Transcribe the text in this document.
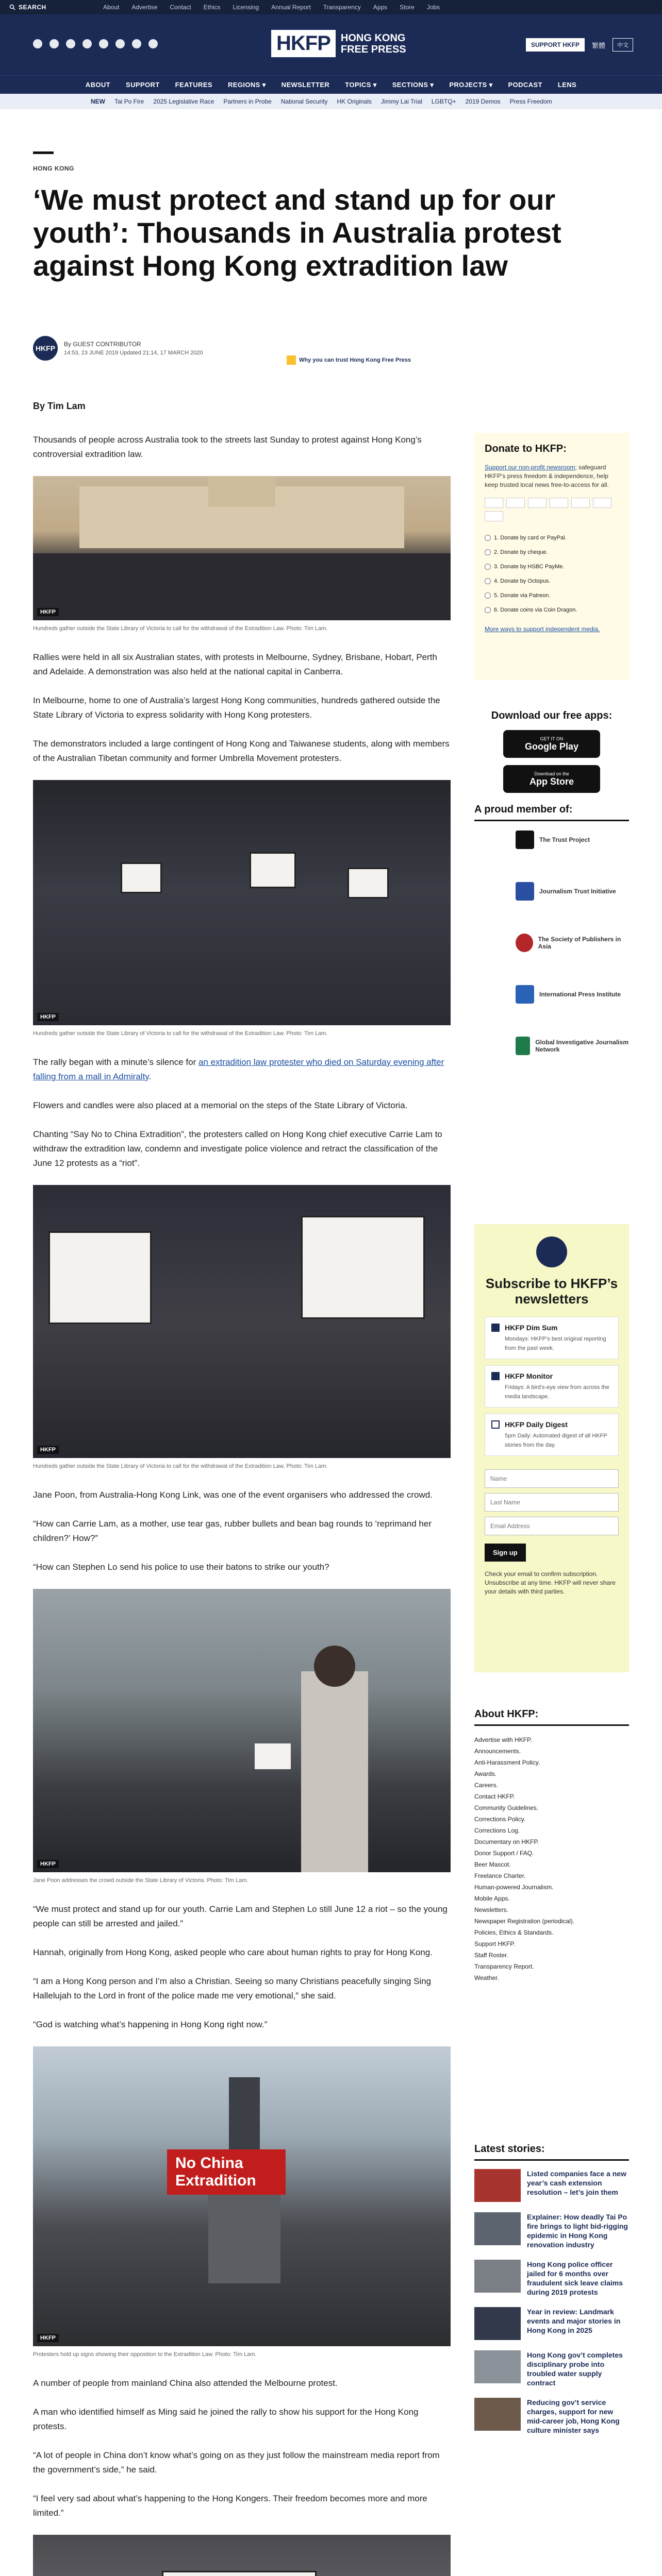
SEARCH	About Advertise Contact Ethics Licensing Annual Report Transparency Apps Store Jobs
HKFP	HONG KONG
FREE PRESS	SUPPORT HKFP	繁體	中文
ABOUT SUPPORT FEATURES REGIONS ▾ NEWSLETTER TOPICS ▾ SECTIONS ▾ PROJECTS ▾ PODCAST LENS
NEW Tai Po Fire 2025 Legislative Race Partners in Probe National Security HK Originals Jimmy Lai Trial LGBTQ+ 2019 Demos Press Freedom
HONG KONG
‘We must protect and stand up for our youth’: Thousands in Australia protest against Hong Kong extradition law
HKFP	By GUEST CONTRIBUTOR
14:53, 23 JUNE 2019 Updated 21:14, 17 MARCH 2020
Why you can trust Hong Kong Free Press
By Tim Lam

Thousands of people across Australia took to the streets last Sunday to protest against Hong Kong’s controversial extradition law.

HKFP
Hundreds gather outside the State Library of Victoria to call for the withdrawal of the Extradition Law. Photo: Tim Lam.

Rallies were held in all six Australian states, with protests in Melbourne, Sydney, Brisbane, Hobart, Perth and Adelaide. A demonstration was also held at the national capital in Canberra.

In Melbourne, home to one of Australia’s largest Hong Kong communities, hundreds gathered outside the State Library of Victoria to express solidarity with Hong Kong protesters.

The demonstrators included a large contingent of Hong Kong and Taiwanese students, along with members of the Australian Tibetan community and former Umbrella Movement protesters.

HKFP
Hundreds gather outside the State Library of Victoria to call for the withdrawal of the Extradition Law. Photo: Tim Lam.

The rally began with a minute’s silence for an extradition law protester who died on Saturday evening after falling from a mall in Admiralty.

Flowers and candles were also placed at a memorial on the steps of the State Library of Victoria.

Chanting “Say No to China Extradition”, the protesters called on Hong Kong chief executive Carrie Lam to withdraw the extradition law, condemn and investigate police violence and retract the classification of the June 12 protests as a “riot”.

HKFP
Hundreds gather outside the State Library of Victoria to call for the withdrawal of the Extradition Law. Photo: Tim Lam.

Jane Poon, from Australia-Hong Kong Link, was one of the event organisers who addressed the crowd.

“How can Carrie Lam, as a mother, use tear gas, rubber bullets and bean bag rounds to ‘reprimand her children?’ How?”

“How can Stephen Lo send his police to use their batons to strike our youth?

HKFP
Jane Poon addresses the crowd outside the State Library of Victoria. Photo: Tim Lam.

“We must protect and stand up for our youth. Carrie Lam and Stephen Lo still June 12 a riot – so the young people can still be arrested and jailed.”

Hannah, originally from Hong Kong, asked people who care about human rights to pray for Hong Kong.

“I am a Hong Kong person and I’m also a Christian. Seeing so many Christians peacefully singing Sing Hallelujah to the Lord in front of the police made me very emotional,” she said.

“God is watching what’s happening in Hong Kong right now.”

No China Extradition
HKFP
Protesters hold up signs showing their opposition to the Extradition Law. Photo: Tim Lam.

A number of people from mainland China also attended the Melbourne protest.

A man who identified himself as Ming said he joined the rally to show his support for the Hong Kong protests.

“A lot of people in China don’t know what’s going on as they just follow the mainstream media report from the government’s side,” he said.

“I feel very sad about what’s happening to the Hong Kongers. Their freedom becomes more and more limited.”

Donate to HKFP:
Support our non-profit newsroom; safeguard HKFP’s press freedom & independence, help keep trusted local news free-to-access for all.
1. Donate by card or PayPal.
2. Donate by cheque.
3. Donate by HSBC PayMe.
4. Donate by Octopus.
5. Donate via Patreon.
6. Donate coins via Coin Dragon.
More ways to support independent media.
Download our free apps:
GET IT ON
Google Play
Download on the
App Store
A proud member of:
The Trust Project
Journalism Trust Initiative
The Society of Publishers in Asia
International Press Institute
Global Investigative Journalism Network
Subscribe to HKFP’s newsletters
HKFP Dim Sum
Mondays: HKFP’s best original reporting from the past week.
HKFP Monitor
Fridays: A bird’s-eye view from across the media landscape.
HKFP Daily Digest
5pm Daily: Automated digest of all HKFP stories from the day.
Name Last Name Email Address Sign up
Check your email to confirm subscription. Unsubscribe at any time. HKFP will never share your details with third parties.
About HKFP:
Advertise with HKFP.
Announcements.
Anti-Harassment Policy.
Awards.
Careers.
Contact HKFP.
Community Guidelines.
Corrections Policy.
Corrections Log.
Documentary on HKFP.
Donor Support / FAQ.
Beer Mascot.
Freelance Charter.
Human-powered Journalism.
Mobile Apps.
Newsletters.
Newspaper Registration (periodical).
Policies, Ethics & Standards.
Support HKFP.
Staff Roster.
Transparency Report.
Weather.
Latest stories:
Listed companies face a new year’s cash extension resolution – let’s join them
Explainer: How deadly Tai Po fire brings to light bid-rigging epidemic in Hong Kong renovation industry
Hong Kong police officer jailed for 6 months over fraudulent sick leave claims during 2019 protests
Year in review: Landmark events and major stories in Hong Kong in 2025
Hong Kong gov’t completes disciplinary probe into troubled water supply contract
Reducing gov’t service charges, support for new mid-career job, Hong Kong culture minister says
